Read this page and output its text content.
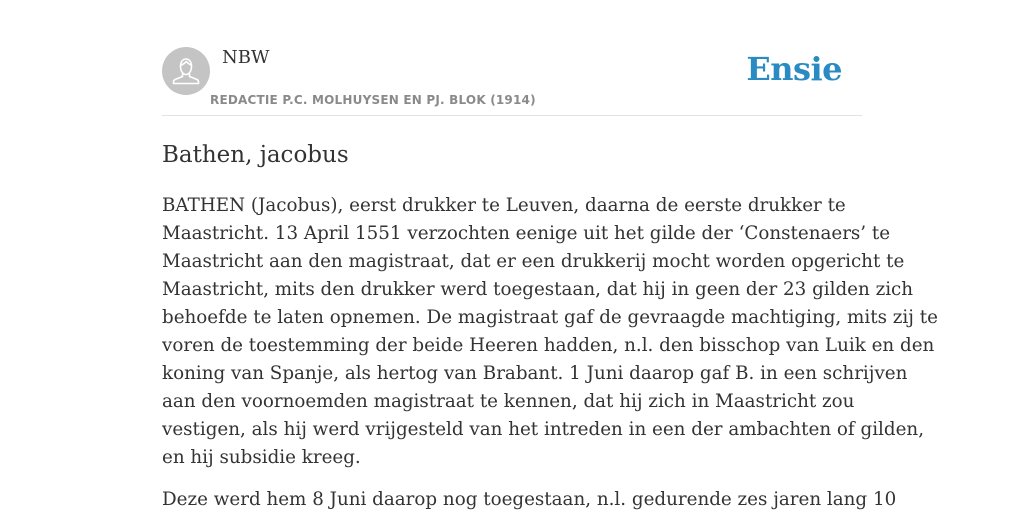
NBW
REDACTIE P.C. MOLHUYSEN EN PJ. BLOK (1914)
Ensie
Bathen, jacobus

BATHEN (Jacobus), eerst drukker te Leuven, daarna de eerste drukker te
Maastricht. 13 April 1551 verzochten eenige uit het gilde der ‘Constenaers’ te
Maastricht aan den magistraat, dat er een drukkerij mocht worden opgericht te
Maastricht, mits den drukker werd toegestaan, dat hij in geen der 23 gilden zich
behoefde te laten opnemen. De magistraat gaf de gevraagde machtiging, mits zij te
voren de toestemming der beide Heeren hadden, n.l. den bisschop van Luik en den
koning van Spanje, als hertog van Brabant. 1 Juni daarop gaf B. in een schrijven
aan den voornoemden magistraat te kennen, dat hij zich in Maastricht zou
vestigen, als hij werd vrijgesteld van het intreden in een der ambachten of gilden,
en hij subsidie kreeg.

Deze werd hem 8 Juni daarop nog toegestaan, n.l. gedurende zes jaren lang 10
